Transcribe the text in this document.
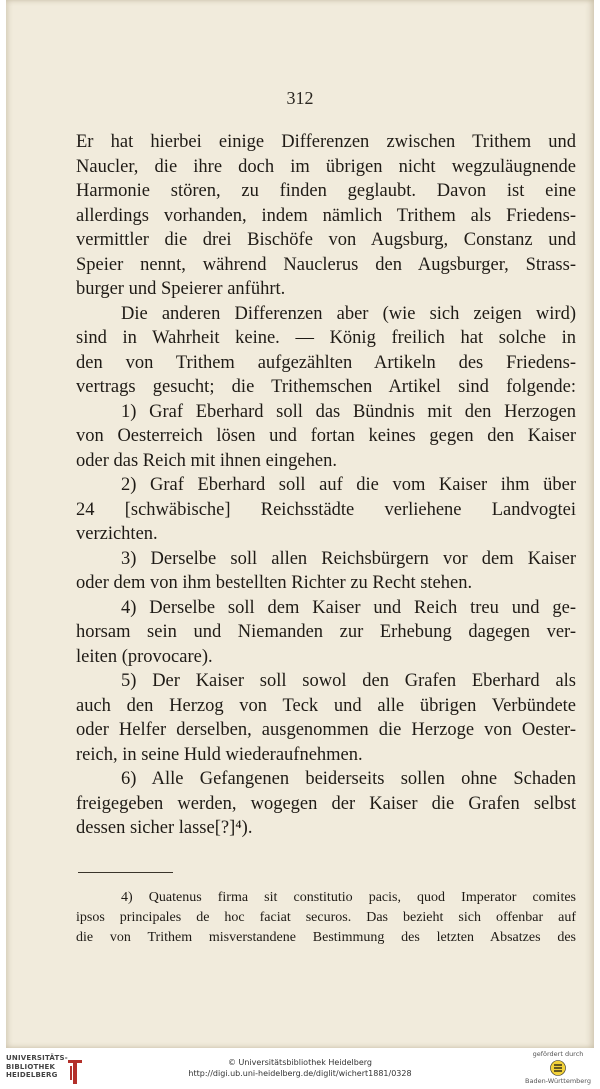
312
Er hat hierbei einige Differenzen zwischen Trithem und
Naucler, die ihre doch im übrigen nicht wegzuläugnende
Harmonie stören, zu finden geglaubt. Davon ist eine
allerdings vorhanden, indem nämlich Trithem als Friedens-
vermittler die drei Bischöfe von Augsburg, Constanz und
Speier nennt, während Nauclerus den Augsburger, Strass-
burger und Speierer anführt.
Die anderen Differenzen aber (wie sich zeigen wird)
sind in Wahrheit keine. — König freilich hat solche in
den von Trithem aufgezählten Artikeln des Friedens-
vertrags gesucht; die Trithemschen Artikel sind folgende:
1) Graf Eberhard soll das Bündnis mit den Herzogen
von Oesterreich lösen und fortan keines gegen den Kaiser
oder das Reich mit ihnen eingehen.
2) Graf Eberhard soll auf die vom Kaiser ihm über
24 [schwäbische] Reichsstädte verliehene Landvogtei
verzichten.
3) Derselbe soll allen Reichsbürgern vor dem Kaiser
oder dem von ihm bestellten Richter zu Recht stehen.
4) Derselbe soll dem Kaiser und Reich treu und ge-
horsam sein und Niemanden zur Erhebung dagegen ver-
leiten (provocare).
5) Der Kaiser soll sowol den Grafen Eberhard als
auch den Herzog von Teck und alle übrigen Verbündete
oder Helfer derselben, ausgenommen die Herzoge von Oester-
reich, in seine Huld wiederaufnehmen.
6) Alle Gefangenen beiderseits sollen ohne Schaden
freigegeben werden, wogegen der Kaiser die Grafen selbst
dessen sicher lasse[?]⁴).
4) Quatenus firma sit constitutio pacis, quod Imperator comites
ipsos principales de hoc faciat securos. Das bezieht sich offenbar auf
die von Trithem misverstandene Bestimmung des letzten Absatzes des
UNIVERSITÄTS-
BIBLIOTHEK
HEIDELBERG
© Universitätsbibliothek Heidelberg
http://digi.ub.uni-heidelberg.de/diglit/wichert1881/0328
gefördert durch
Baden-Württemberg
